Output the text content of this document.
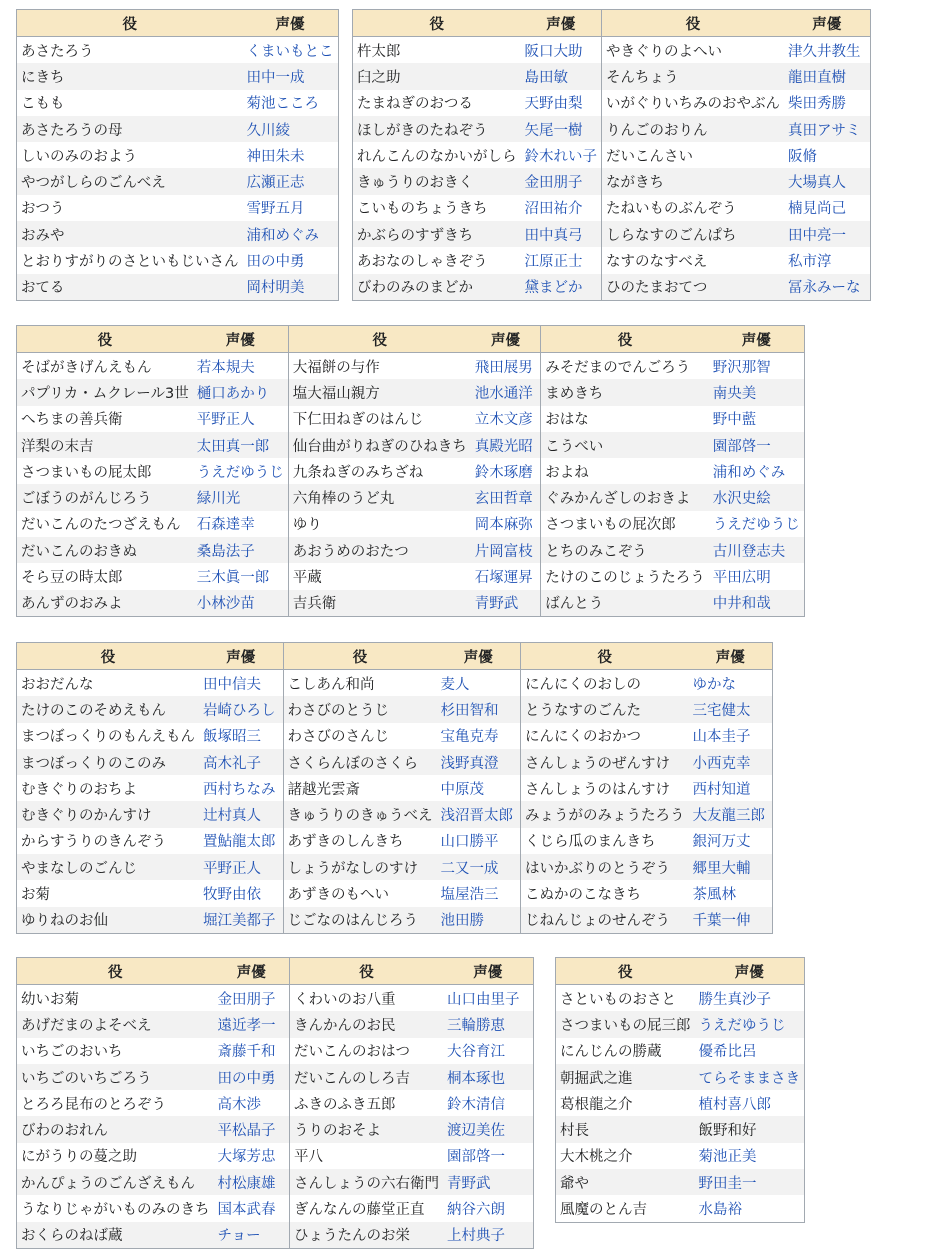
役	声優
あさたろう	くまいもとこ
にきち	田中一成
こもも	菊池こころ
あさたろうの母	久川綾
しいのみのおよう	神田朱未
やつがしらのごんべえ	広瀬正志
おつう	雪野五月
おみや	浦和めぐみ
とおりすがりのさといもじいさん	田の中勇
おてる	岡村明美
役	声優
杵太郎	阪口大助
臼之助	島田敏
たまねぎのおつる	天野由梨
ほしがきのたねぞう	矢尾一樹
れんこんのなかいがしら	鈴木れい子
きゅうりのおきく	金田朋子
こいものちょうきち	沼田祐介
かぶらのすずきち	田中真弓
あおなのしゃきぞう	江原正士
びわのみのまどか	黛まどか
役	声優
やきぐりのよへい	津久井教生
そんちょう	龍田直樹
いがぐりいちみのおやぶん	柴田秀勝
りんごのおりん	真田アサミ
だいこんさい	阪脩
ながきち	大場真人
たねいものぶんぞう	楠見尚己
しらなすのごんぱち	田中亮一
なすのなすべえ	私市淳
ひのたまおてつ	冨永みーな
役	声優
そばがきげんえもん	若本規夫
パプリカ・ムクレール3世	樋口あかり
へちまの善兵衛	平野正人
洋梨の末吉	太田真一郎
さつまいもの屁太郎	うえだゆうじ
ごぼうのがんじろう	緑川光
だいこんのたつざえもん	石森達幸
だいこんのおきぬ	桑島法子
そら豆の時太郎	三木眞一郎
あんずのおみよ	小林沙苗
役	声優
大福餅の与作	飛田展男
塩大福山親方	池水通洋
下仁田ねぎのはんじ	立木文彦
仙台曲がりねぎのひねきち	真殿光昭
九条ねぎのみちざね	鈴木琢磨
六角棒のうど丸	玄田哲章
ゆり	岡本麻弥
あおうめのおたつ	片岡富枝
平蔵	石塚運昇
吉兵衛	青野武
役	声優
みそだまのでんごろう	野沢那智
まめきち	南央美
おはな	野中藍
こうべい	園部啓一
およね	浦和めぐみ
ぐみかんざしのおきよ	水沢史絵
さつまいもの屁次郎	うえだゆうじ
とちのみこぞう	古川登志夫
たけのこのじょうたろう	平田広明
ばんとう	中井和哉
役	声優
おおだんな	田中信夫
たけのこのそめえもん	岩崎ひろし
まつぼっくりのもんえもん	飯塚昭三
まつぼっくりのこのみ	高木礼子
むきぐりのおちよ	西村ちなみ
むきぐりのかんすけ	辻村真人
からすうりのきんぞう	置鮎龍太郎
やまなしのごんじ	平野正人
お菊	牧野由依
ゆりねのお仙	堀江美都子
役	声優
こしあん和尚	麦人
わさびのとうじ	杉田智和
わさびのさんじ	宝亀克寿
さくらんぼのさくら	浅野真澄
諸越光雲斎	中原茂
きゅうりのきゅうべえ	浅沼晋太郎
あずきのしんきち	山口勝平
しょうがなしのすけ	二又一成
あずきのもへい	塩屋浩三
じごなのはんじろう	池田勝
役	声優
にんにくのおしの	ゆかな
とうなすのごんた	三宅健太
にんにくのおかつ	山本圭子
さんしょうのぜんすけ	小西克幸
さんしょうのはんすけ	西村知道
みょうがのみょうたろう	大友龍三郎
くじら瓜のまんきち	銀河万丈
はいかぶりのとうぞう	郷里大輔
こぬかのこなきち	茶風林
じねんじょのせんぞう	千葉一伸
役	声優
幼いお菊	金田朋子
あげだまのよそべえ	遠近孝一
いちごのおいち	斎藤千和
いちごのいちごろう	田の中勇
とろろ昆布のとろぞう	高木渉
びわのおれん	平松晶子
にがうりの蔓之助	大塚芳忠
かんぴょうのごんざえもん	村松康雄
うなりじゃがいものみのきち	国本武春
おくらのねば蔵	チョー
役	声優
くわいのお八重	山口由里子
きんかんのお民	三輪勝恵
だいこんのおはつ	大谷育江
だいこんのしろ吉	桐本琢也
ふきのふき五郎	鈴木清信
うりのおそよ	渡辺美佐
平八	園部啓一
さんしょうの六右衛門	青野武
ぎんなんの藤堂正直	納谷六朗
ひょうたんのお栄	上村典子
役	声優
さといものおさと	勝生真沙子
さつまいもの屁三郎	うえだゆうじ
にんじんの勝蔵	優希比呂
朝掘武之進	てらそままさき
葛根龍之介	植村喜八郎
村長	飯野和好
大木桃之介	菊池正美
爺や	野田圭一
風魔のとん吉	水島裕
